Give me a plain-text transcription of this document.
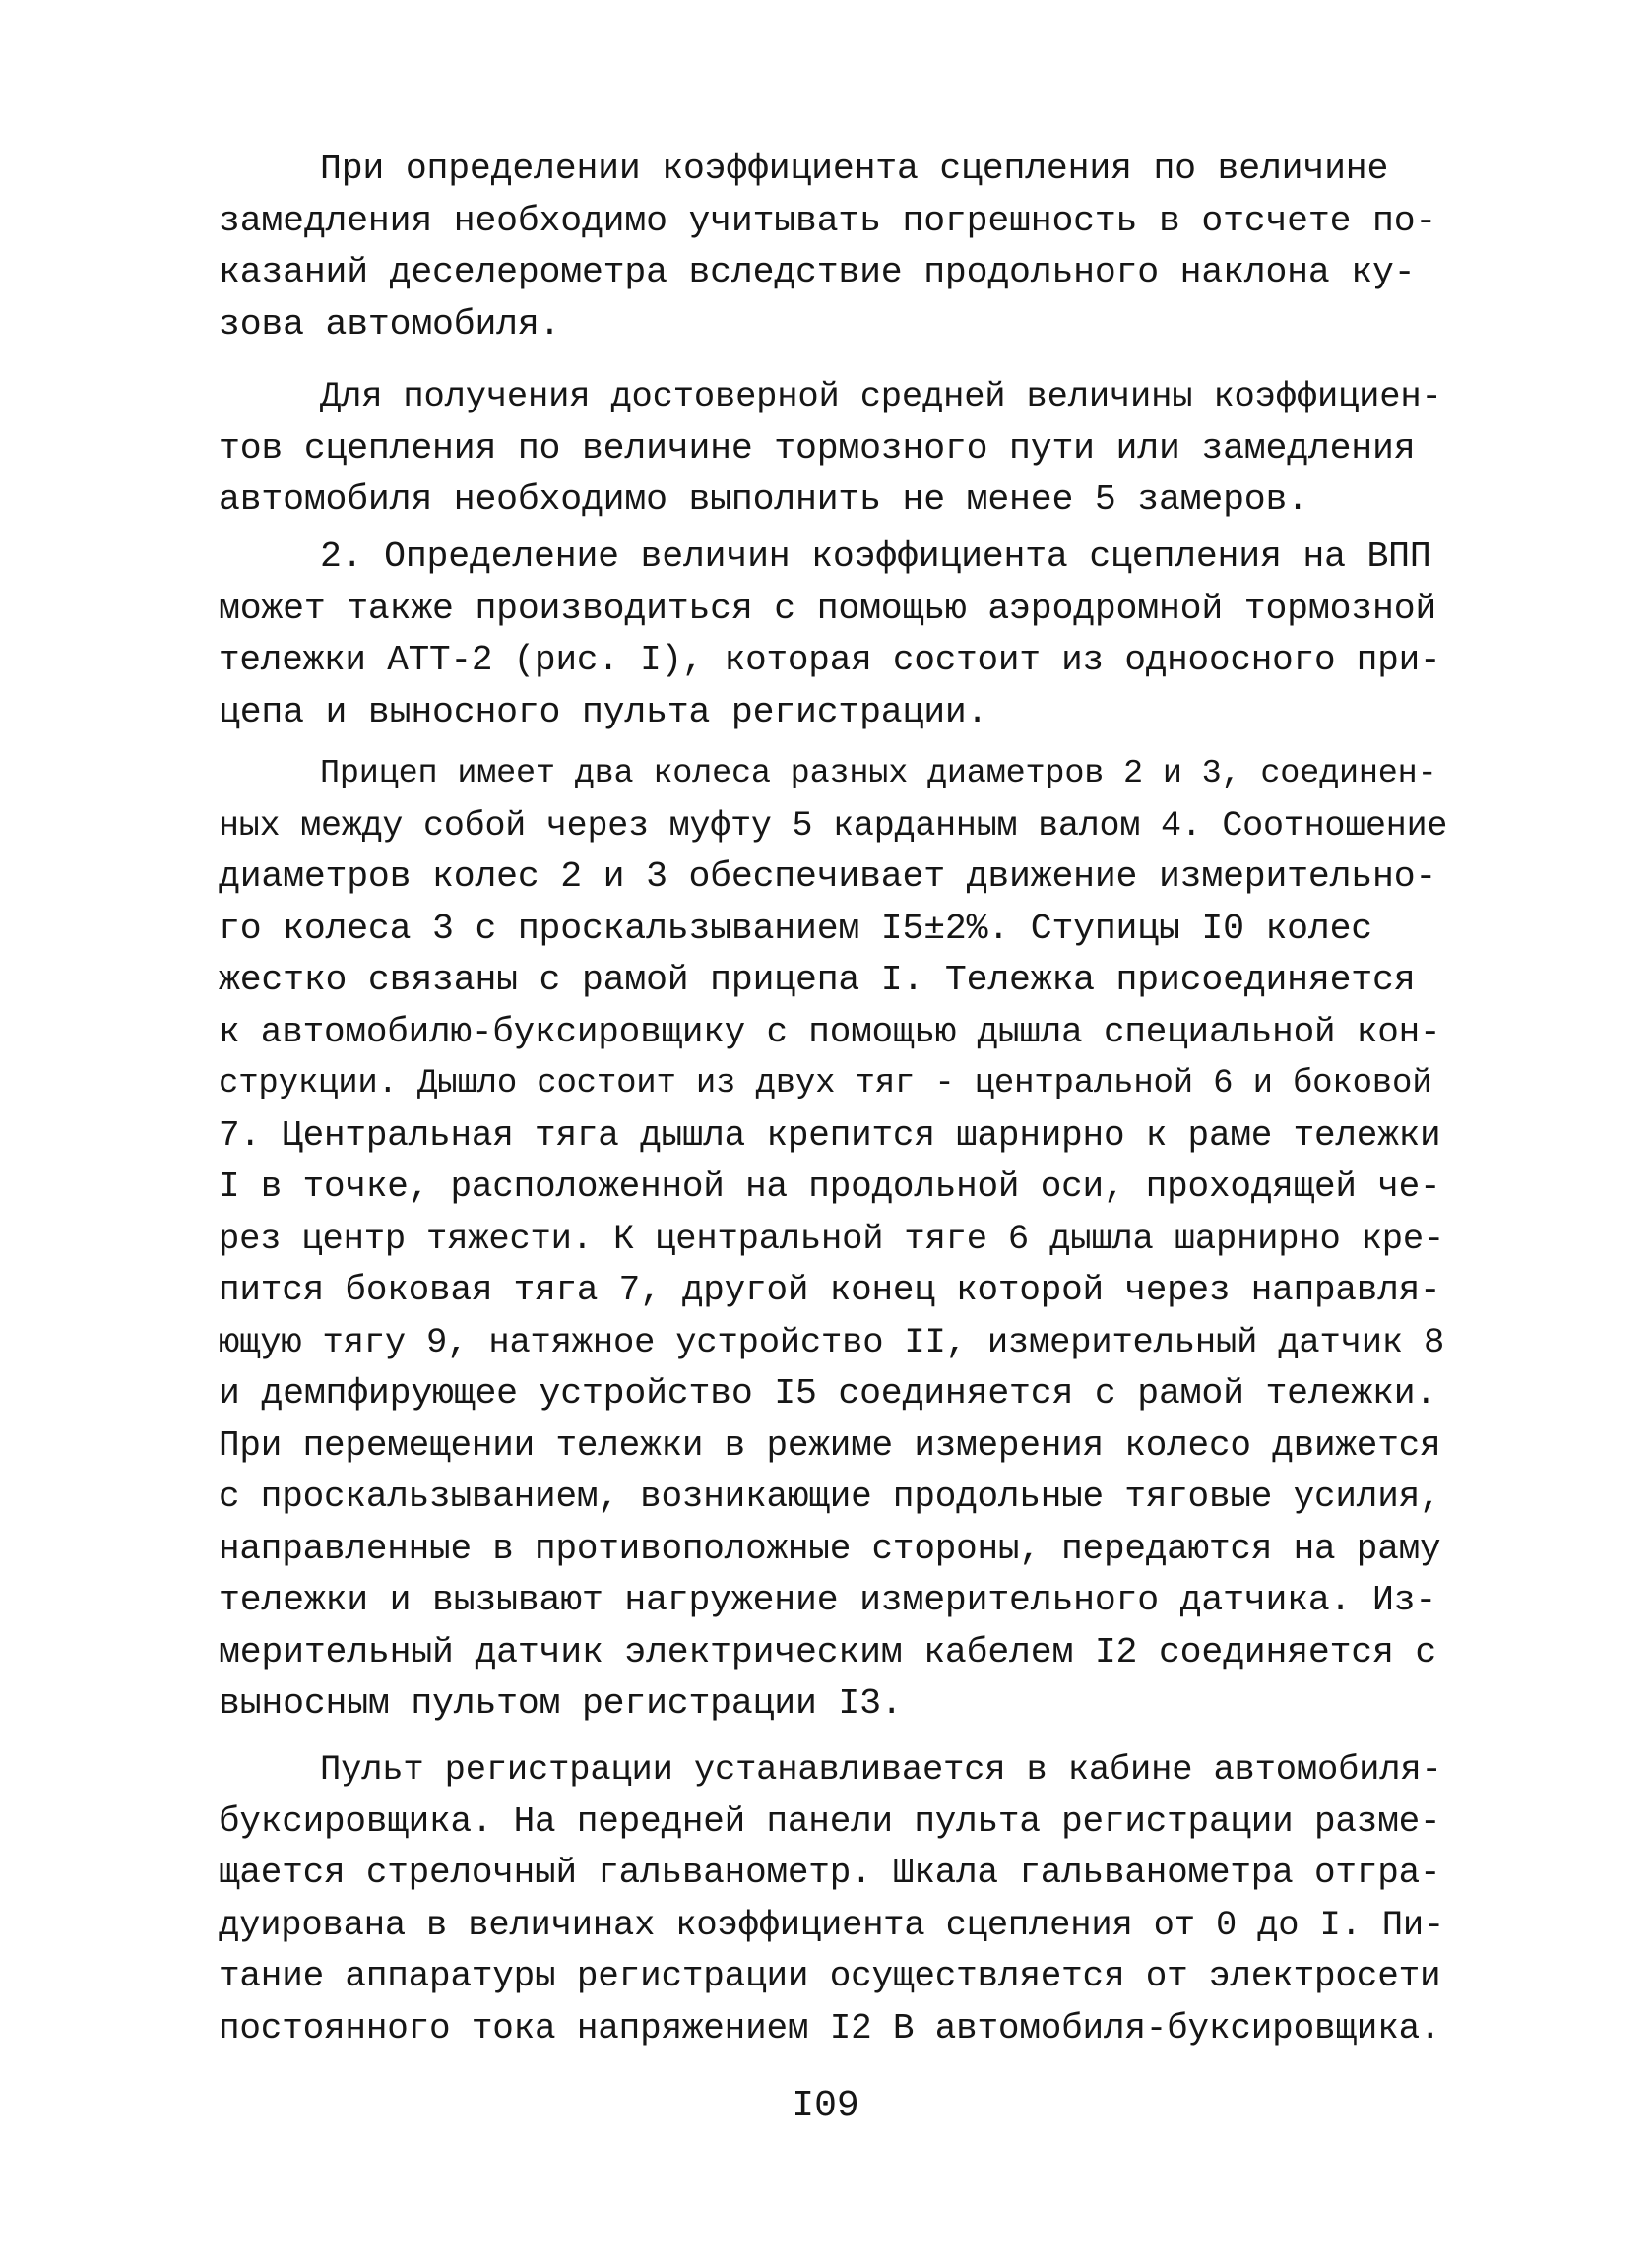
При определении коэффициента сцепления по величине
замедления необходимо учитывать погрешность в отсчете по-
казаний деселерометра вследствие продольного наклона ку-
зова автомобиля.
Для получения достоверной средней величины коэффициен-
тов сцепления по величине тормозного пути или замедления
автомобиля необходимо выполнить не менее 5 замеров.
2. Определение величин коэффициента сцепления на ВПП
может также производиться с помощью аэродромной тормозной
тележки АТТ-2 (рис. I), которая состоит из одноосного при-
цепа и выносного пульта регистрации.
Прицеп имеет два колеса разных диаметров 2 и 3, соединен-
ных между собой через муфту 5 карданным валом 4. Соотношение
диаметров колес 2 и 3 обеспечивает движение измерительно-
го колеса 3 с проскальзыванием I5±2%. Ступицы I0 колес
жестко связаны с рамой прицепа I. Тележка присоединяется
к автомобилю-буксировщику с помощью дышла специальной кон-
струкции. Дышло состоит из двух тяг - центральной 6 и боковой
7. Центральная тяга дышла крепится шарнирно к раме тележки
I в точке, расположенной на продольной оси, проходящей че-
рез центр тяжести. К центральной тяге 6 дышла шарнирно кре-
пится боковая тяга 7, другой конец которой через направля-
ющую тягу 9, натяжное устройство II, измерительный датчик 8
и демпфирующее устройство I5 соединяется с рамой тележки.
При перемещении тележки в режиме измерения колесо движется
с проскальзыванием, возникающие продольные тяговые усилия,
направленные в противоположные стороны, передаются на раму
тележки и вызывают нагружение измерительного датчика. Из-
мерительный датчик электрическим кабелем I2 соединяется с
выносным пультом регистрации I3.
Пульт регистрации устанавливается в кабине автомобиля-
буксировщика. На передней панели пульта регистрации разме-
щается стрелочный гальванометр. Шкала гальванометра отгра-
дуирована в величинах коэффициента сцепления от 0 до I. Пи-
тание аппаратуры регистрации осуществляется от электросети
постоянного тока напряжением I2 В автомобиля-буксировщика.
I09
